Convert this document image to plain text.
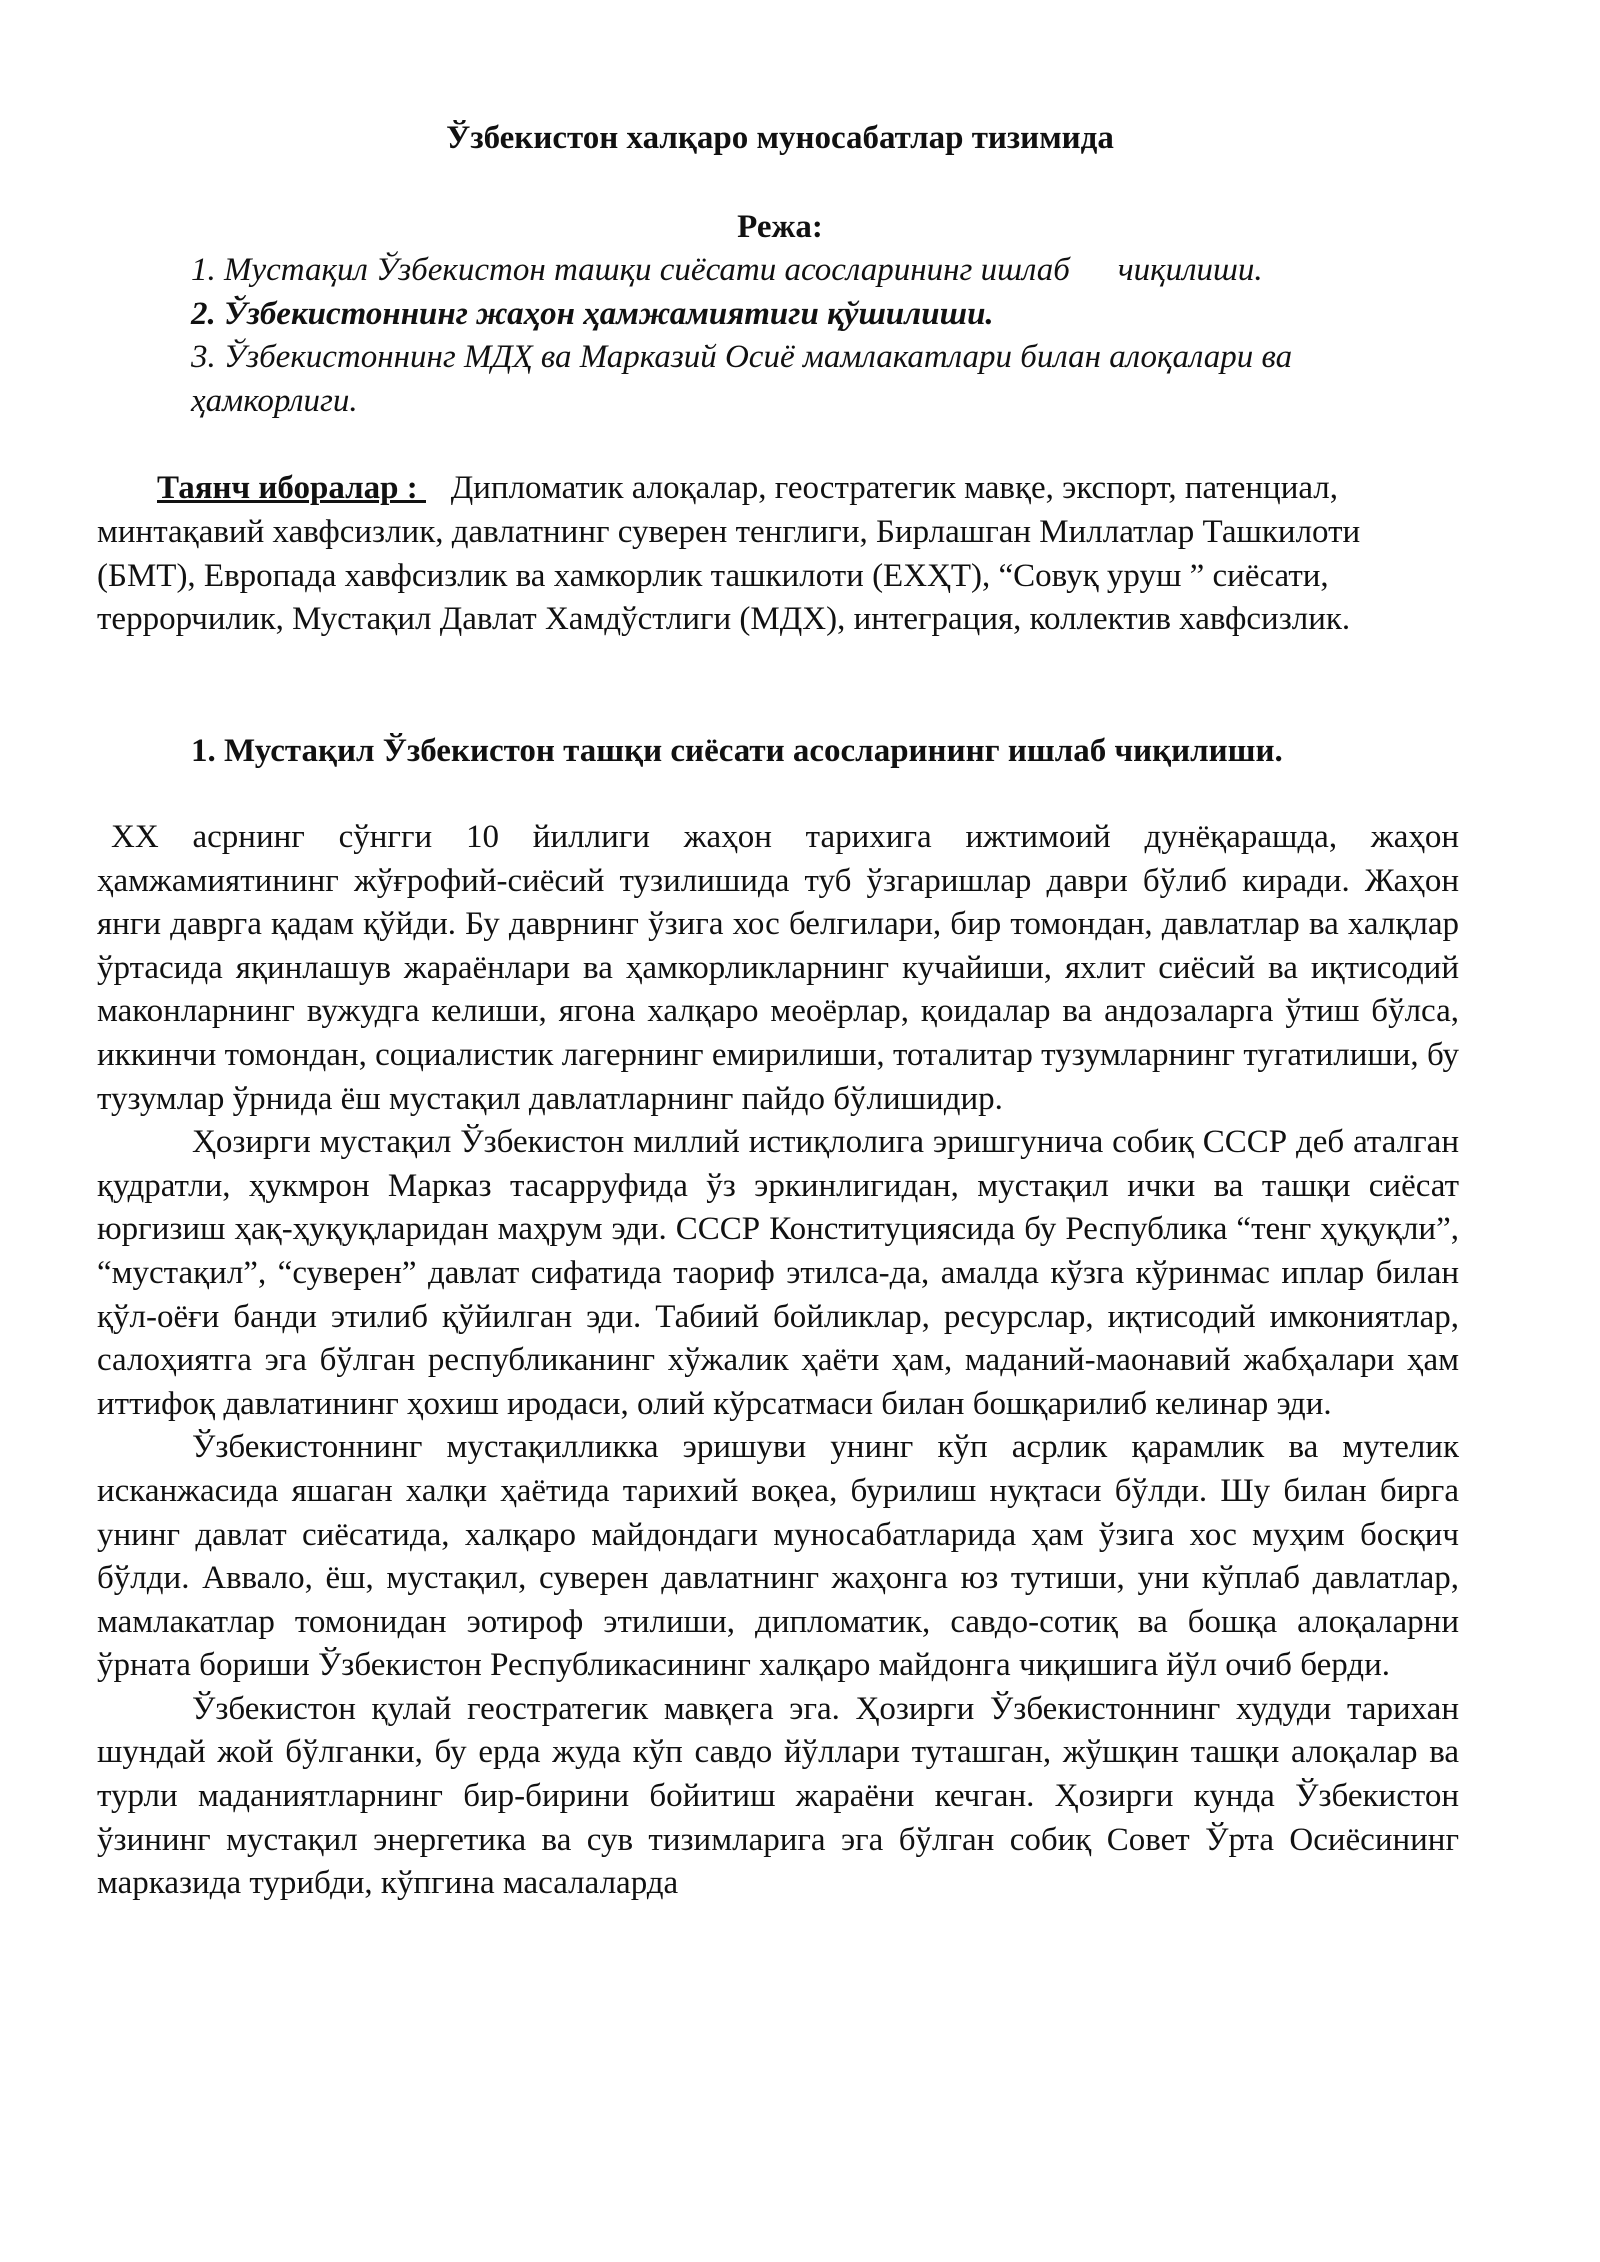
Ўзбекистон халқаро муносабатлар тизимида
Режа:
1. Мустақил Ўзбекистон ташқи сиёсати асосларининг ишлаб чиқилиши.
2. Ўзбекистоннинг жаҳон ҳамжамиятиги қўшилиши.
3. Ўзбекистоннинг МДҲ ва Марказий Осиё мамлакатлари билан алоқалари ва ҳамкорлиги.

Таянч иборалар :    Дипломатик алоқалар, геостратегик мавқе, экспорт, патенциал, минтақавий хавфсизлик, давлатнинг суверен тенглиги, Бирлашган Миллатлар Ташкилоти (БМТ), Европада хавфсизлик ва хамкорлик ташкилоти (ЕХҲТ), “Совуқ уруш ” сиёсати, террорчилик, Мустақил Давлат Хамдўстлиги (МДХ), интеграция, коллектив хавфсизлик.

1. Мустақил Ўзбекистон ташқи сиёсати асосларининг ишлаб чиқилиши.

XX асрнинг сўнгги 10 йиллиги жаҳон тарихига ижтимоий дунёқарашда, жаҳон ҳамжамиятининг жўғрофий-сиёсий тузилишида туб ўзгаришлар даври бўлиб киради. Жаҳон янги даврга қадам қўйди. Бу даврнинг ўзига хос белгилари, бир томондан, давлатлар ва халқлар ўртасида яқинлашув жараёнлари ва ҳамкорликларнинг кучайиши, яхлит сиёсий ва иқтисодий маконларнинг вужудга келиши, ягона халқаро меоёрлар, қоидалар ва андозаларга ўтиш бўлса, иккинчи томондан, социалистик лагернинг емирилиши, тоталитар тузумларнинг тугатилиши, бу тузумлар ўрнида ёш мустақил давлатларнинг пайдо бўлишидир.

Ҳозирги мустақил Ўзбекистон миллий истиқлолига эришгунича собиқ СССР деб аталган қудратли, ҳукмрон Марказ тасарруфида ўз эркинлигидан, мустақил ички ва ташқи сиёсат юргизиш ҳақ-ҳуқуқларидан маҳрум эди. СССР Конституциясида бу Республика “тенг ҳуқуқли”, “мустақил”, “суверен” давлат сифатида таориф этилса-да, амалда кўзга кўринмас иплар билан қўл-оёғи банди этилиб қўйилган эди. Табиий бойликлар, ресурслар, иқтисодий имкониятлар, салоҳиятга эга бўлган республиканинг хўжалик ҳаёти ҳам, маданий-маонавий жабҳалари ҳам иттифоқ давлатининг ҳохиш иродаси, олий кўрсатмаси билан бошқарилиб келинар эди.

Ўзбекистоннинг мустақилликка эришуви унинг кўп асрлик қарамлик ва мутелик исканжасида яшаган халқи ҳаётида тарихий воқеа, бурилиш нуқтаси бўлди. Шу билан бирга унинг давлат сиёсатида, халқаро майдондаги муносабатларида ҳам ўзига хос муҳим босқич бўлди. Аввало, ёш, мустақил, суверен давлатнинг жаҳонга юз тутиши, уни кўплаб давлатлар, мамлакатлар томонидан эотироф этилиши, дипломатик, савдо-сотиқ ва бошқа алоқаларни ўрната бориши Ўзбекистон Республикасининг халқаро майдонга чиқишига йўл очиб берди.

Ўзбекистон қулай геостратегик мавқега эга. Ҳозирги Ўзбекистоннинг худуди тарихан шундай жой бўлганки, бу ерда жуда кўп савдо йўллари туташган, жўшқин ташқи алоқалар ва турли маданиятларнинг бир-бирини бойитиш жараёни кечган. Ҳозирги кунда Ўзбекистон ўзининг мустақил энергетика ва сув тизимларига эга бўлган собиқ Совет Ўрта Осиёсининг марказида турибди, кўпгина масалаларда
